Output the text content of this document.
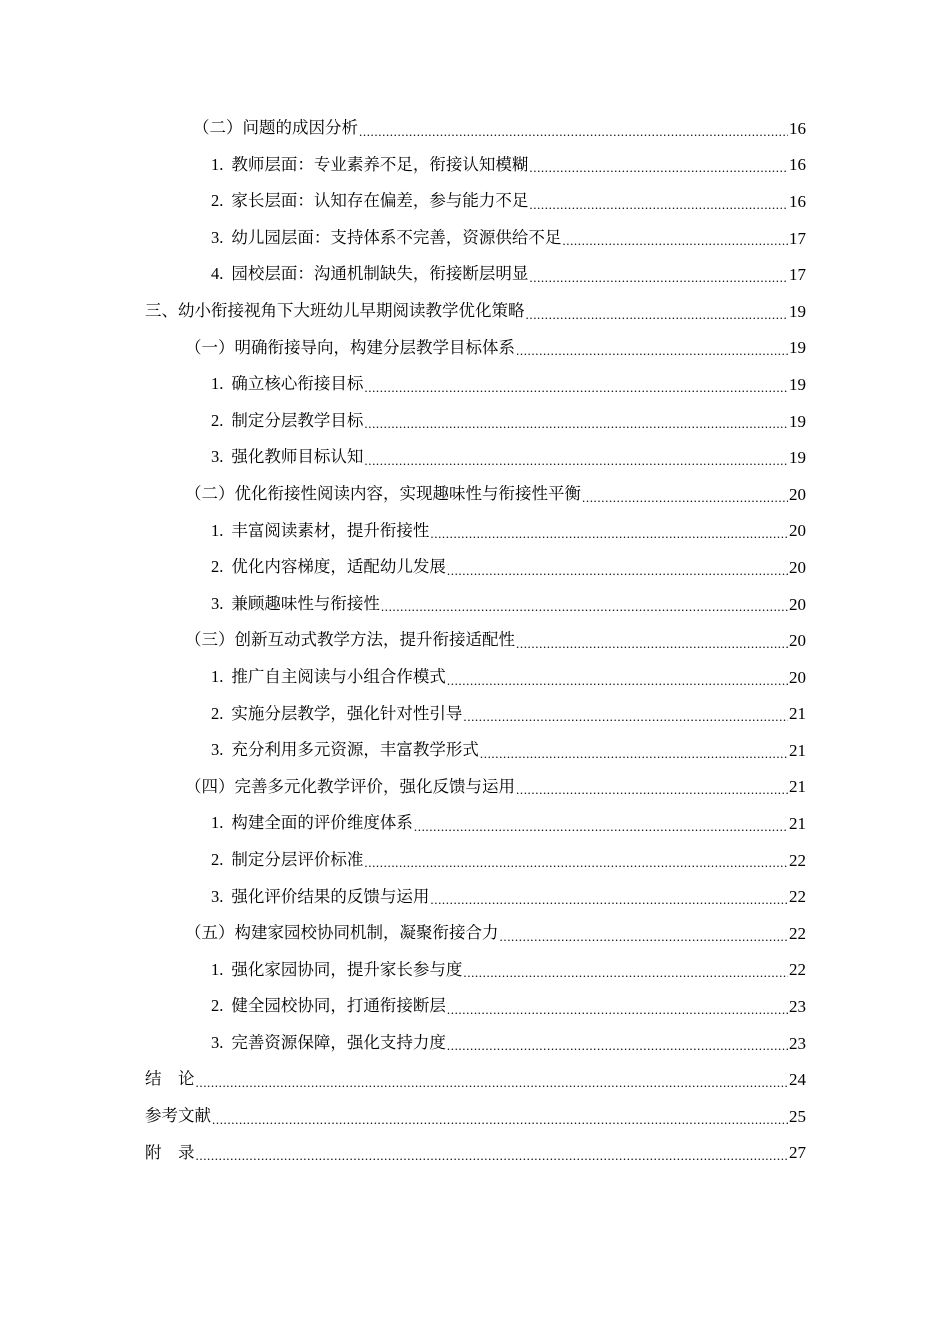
（二）问题的成因分析 .....	16
1. 教师层面：专业素养不足，衔接认知模糊 .....	16
2. 家长层面：认知存在偏差，参与能力不足 .....	16
3. 幼儿园层面：支持体系不完善，资源供给不足 .....	17
4. 园校层面：沟通机制缺失，衔接断层明显 .....	17
三、幼小衔接视角下大班幼儿早期阅读教学优化策略 .....	19
（一）明确衔接导向，构建分层教学目标体系 .....	19
1. 确立核心衔接目标 .....	19
2. 制定分层教学目标 .....	19
3. 强化教师目标认知 .....	19
（二）优化衔接性阅读内容，实现趣味性与衔接性平衡 .....	20
1. 丰富阅读素材，提升衔接性 .....	20
2. 优化内容梯度，适配幼儿发展 .....	20
3. 兼顾趣味性与衔接性 .....	20
（三）创新互动式教学方法，提升衔接适配性 .....	20
1. 推广自主阅读与小组合作模式 .....	20
2. 实施分层教学，强化针对性引导 .....	21
3. 充分利用多元资源，丰富教学形式 .....	21
（四）完善多元化教学评价，强化反馈与运用 .....	21
1. 构建全面的评价维度体系 .....	21
2. 制定分层评价标准 .....	22
3. 强化评价结果的反馈与运用 .....	22
（五）构建家园校协同机制，凝聚衔接合力 .....	22
1. 强化家园协同，提升家长参与度 .....	22
2. 健全园校协同，打通衔接断层 .....	23
3. 完善资源保障，强化支持力度 .....	23
结　论 .....	24
参考文献 .....	25
附　录 .....	27
